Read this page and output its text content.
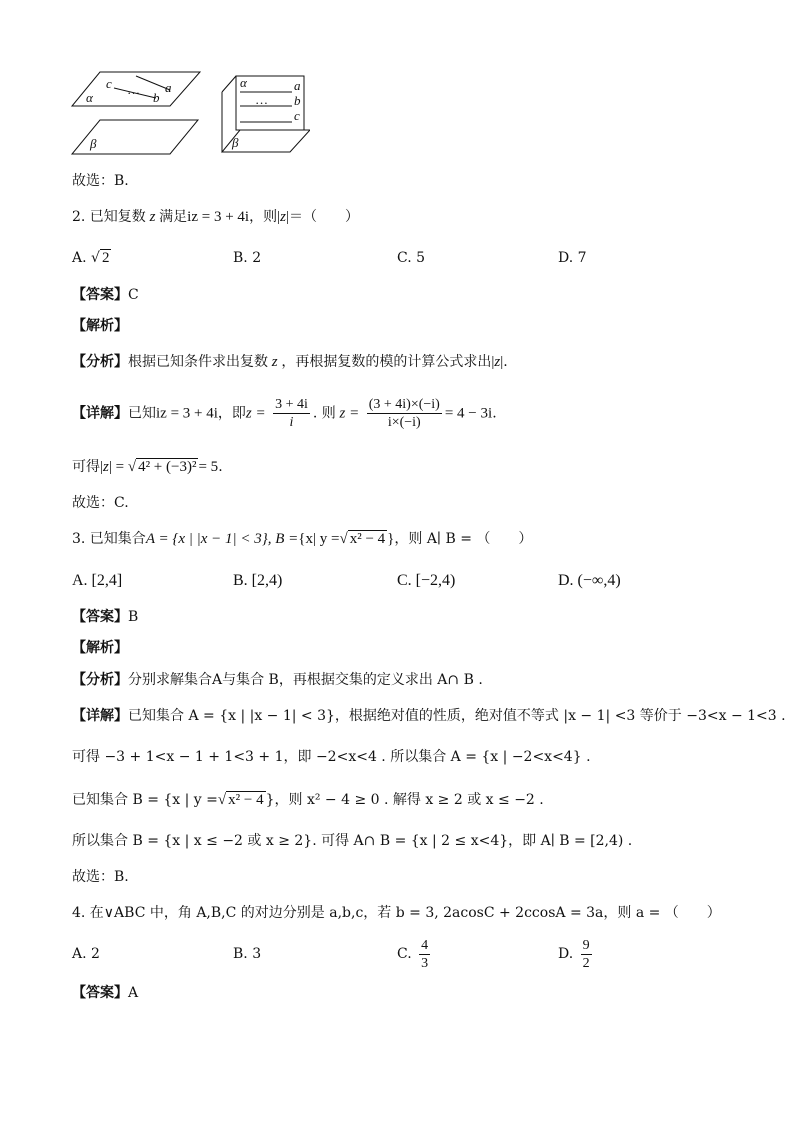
c … a
b
α
β
α	a
… b
c
β
故选：B.
2. 已知复数 z 满足iz = 3 + 4i，则|z|＝（　　）
A. √ 2	B. 2	C. 5	D. 7
【答案】C
【解析】
【分析】根据已知条件求出复数 z ，再根据复数的模的计算公式求出|z|.
【详解】已知iz = 3 + 4i，即$z = \frac{3 + 4i}{i}$ . 则 $z = \frac{(3 + 4i)\times(-i)}{i\times(-i)} = 4 - 3i$.
可得|z| = √ 4² + (−3)² = 5.
故选：C.
3. 已知集合A = {x | |x − 1| < 3}, B ={x| y =√ x² − 4 }，则 A∣ B = （　　）
A. [2,4]	B. [2,4)	C. [−2,4)	D. (−∞,4)
【答案】B
【解析】
【分析】分别求解集合A与集合 B，再根据交集的定义求出 A∩ B .
【详解】已知集合 A = {x | |x − 1| < 3}，根据绝对值的性质，绝对值不等式 |x − 1| <3 等价于 −3<x − 1<3 .
可得 −3 + 1<x − 1 + 1<3 + 1，即 −2<x<4 . 所以集合 A = {x | −2<x<4} .
已知集合 B = {x | y =√ x² − 4 }，则 x² − 4 ≥ 0 . 解得 x ≥ 2 或 x ≤ −2 .
所以集合 B = {x | x ≤ −2 或 x ≥ 2}. 可得 A∩ B = {x | 2 ≤ x<4}，即 A∣ B = [2,4) .
故选：B.
4. 在∨ABC 中，角 A,B,C 的对边分别是 a,b,c，若 b = 3, 2acosC + 2ccosA = 3a，则 a = （　　）
A. 2	B. 3	C. $\frac{4}{3}$	D. $\frac{9}{2}$
【答案】A
